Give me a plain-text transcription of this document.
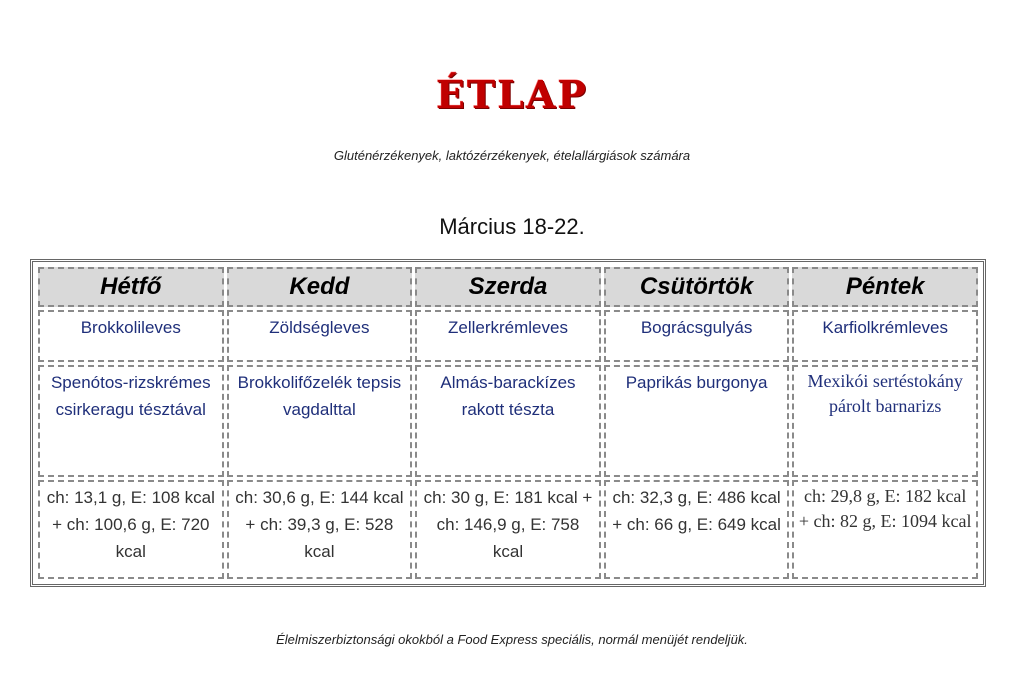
ÉTLAP
Gluténérzékenyek, laktózérzékenyek, ételallárgiások számára
Március 18-22.
Hétfő	Kedd	Szerda	Csütörtök	Péntek
Brokkolileves	Zöldségleves	Zellerkrémleves	Bográcsgulyás	Karfiolkrémleves
Spenótos-rizskrémes csirkeragu tésztával	Brokkolifőzelék tepsis vagdalttal	Almás-barackízes rakott tészta	Paprikás burgonya	Mexikói sertéstokány párolt barnarizs
ch: 13,1 g, E: 108 kcal + ch: 100,6 g, E: 720 kcal	ch: 30,6 g, E: 144 kcal + ch: 39,3 g, E: 528 kcal	ch: 30 g, E: 181 kcal + ch: 146,9 g, E: 758 kcal	ch: 32,3 g, E: 486 kcal + ch: 66 g, E: 649 kcal	ch: 29,8 g, E: 182 kcal + ch: 82 g, E: 1094 kcal
Élelmiszerbiztonsági okokból a Food Express speciális, normál menüjét rendeljük.
